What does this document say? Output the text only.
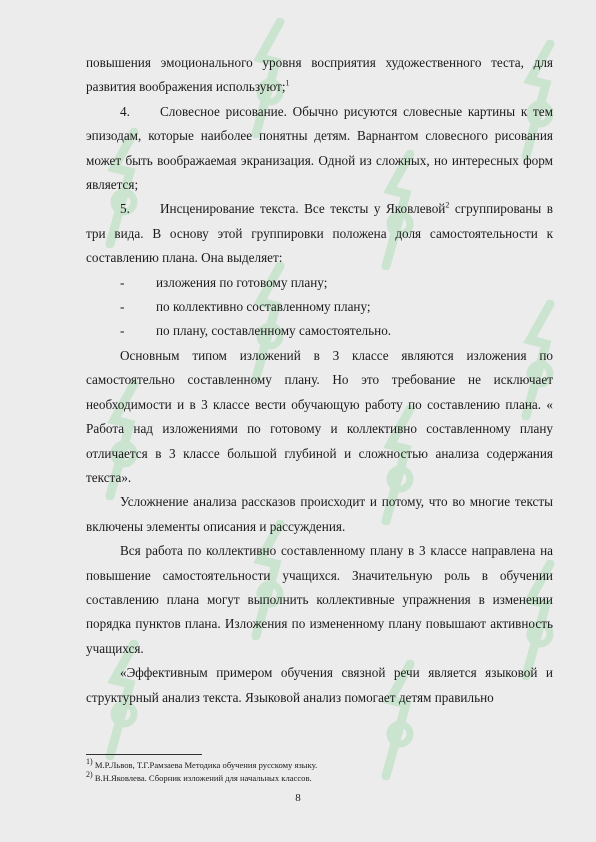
повышения эмоционального уровня восприятия художественного теста, для развития воображения используют;$^1$

4. Словесное рисование. Обычно рисуются словесные картины к тем эпизодам, которые наиболее понятны детям. Варнантом словесного рисования может быть воображаемая экранизация. Одной из сложных, но интересных форм является;

5. Инсценирование текста. Все тексты у Яковлевой$^2$ сгруппированы в три вида. В основу этой группировки положена доля самостоятельности к составлению плана. Она выделяет:

-	изложения по готовому плану;

-	по коллективно составленному плану;

-	по плану, составленному самостоятельно.

Основным типом изложений в 3 классе являются изложения по самостоятельно составленному плану. Но это требование не исключает необходимости и в 3 классе вести обучающую работу по составлению плана. « Работа над изложениями по готовому и коллективно составленному плану отличается в 3 классе большой глубиной и сложностью анализа содержания текста».

Усложнение анализа рассказов происходит и потому, что во многие тексты включены элементы описания и рассуждения.

Вся работа по коллективно составленному плану в 3 классе направлена на повышение самостоятельности учащихся. Значительную роль в обучении составлению плана могут выполнить коллективные упражнения в изменении порядка пунктов плана. Изложения по измененному плану повышают активность учащихся.

«Эффективным примером обучения связной речи является языковой и структурный анализ текста. Языковой анализ помогает детям правильно

$^{1)}$ М.Р.Львов, Т.Г.Рамзаева Методика обучения русскому языку.

$^{2)}$ В.Н.Яковлева. Сборник изложений для начальных классов.

8
